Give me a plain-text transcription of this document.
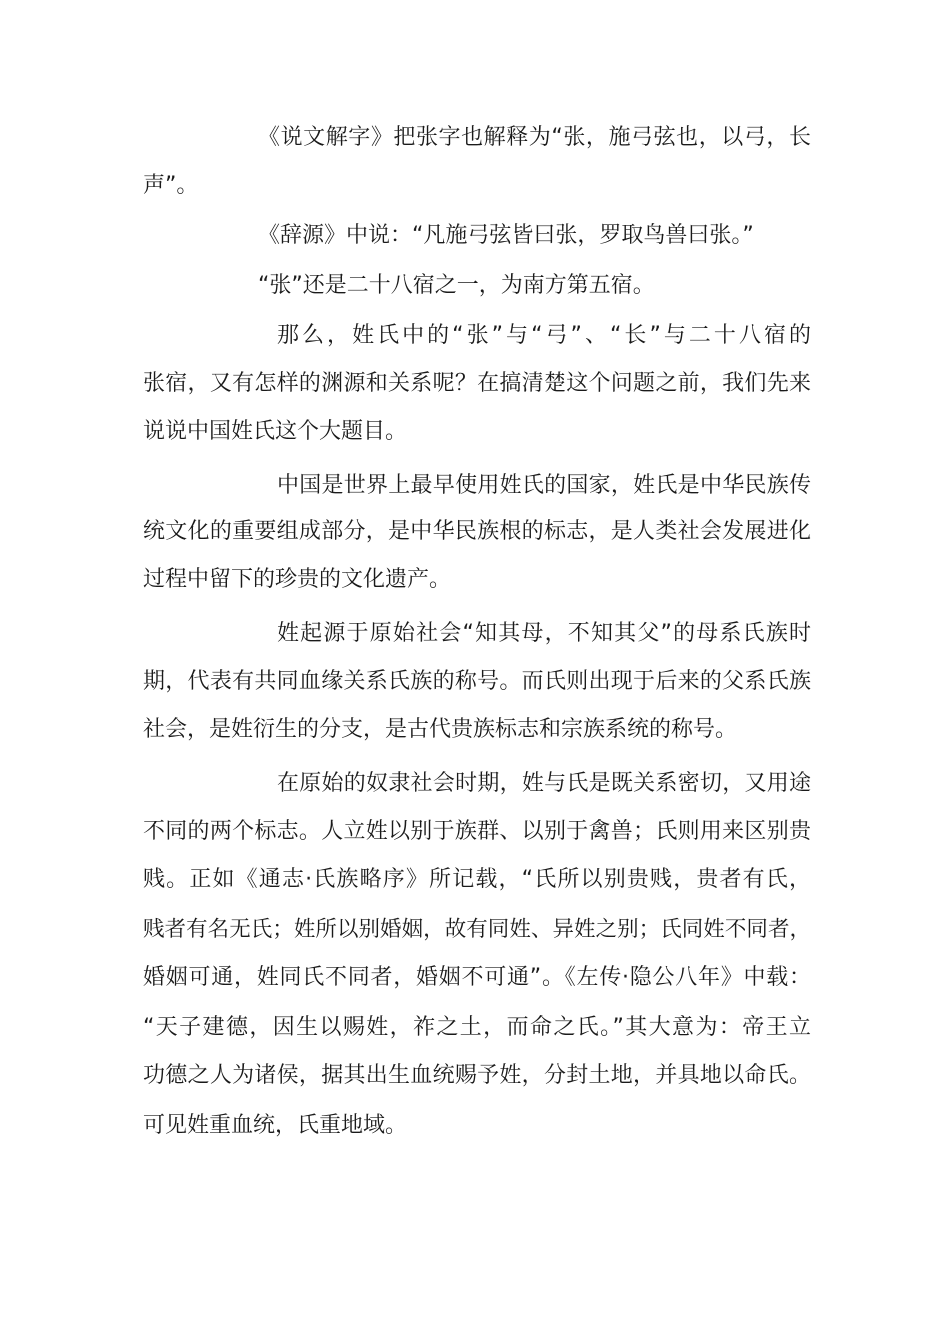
《说文解字》把张字也解释为“张，施弓弦也，以弓，长
声”。
《辞源》中说：“凡施弓弦皆曰张，罗取鸟兽曰张。”
“张”还是二十八宿之一，为南方第五宿。
那么，姓氏中的“张”与“弓”、“长”与二十八宿的
张宿，又有怎样的渊源和关系呢？在搞清楚这个问题之前，我们先来
说说中国姓氏这个大题目。
中国是世界上最早使用姓氏的国家，姓氏是中华民族传
统文化的重要组成部分，是中华民族根的标志，是人类社会发展进化
过程中留下的珍贵的文化遗产。
姓起源于原始社会“知其母，不知其父”的母系氏族时
期，代表有共同血缘关系氏族的称号。而氏则出现于后来的父系氏族
社会，是姓衍生的分支，是古代贵族标志和宗族系统的称号。
在原始的奴隶社会时期，姓与氏是既关系密切，又用途
不同的两个标志。人立姓以别于族群、以别于禽兽；氏则用来区别贵
贱。正如《通志·氏族略序》所记载，“氏所以别贵贱，贵者有氏，
贱者有名无氏；姓所以别婚姻，故有同姓、异姓之别；氏同姓不同者，
婚姻可通，姓同氏不同者，婚姻不可通”。《左传·隐公八年》中载：
“天子建德，因生以赐姓，祚之土，而命之氏。”其大意为：帝王立
功德之人为诸侯，据其出生血统赐予姓，分封土地，并具地以命氏。
可见姓重血统，氏重地域。
